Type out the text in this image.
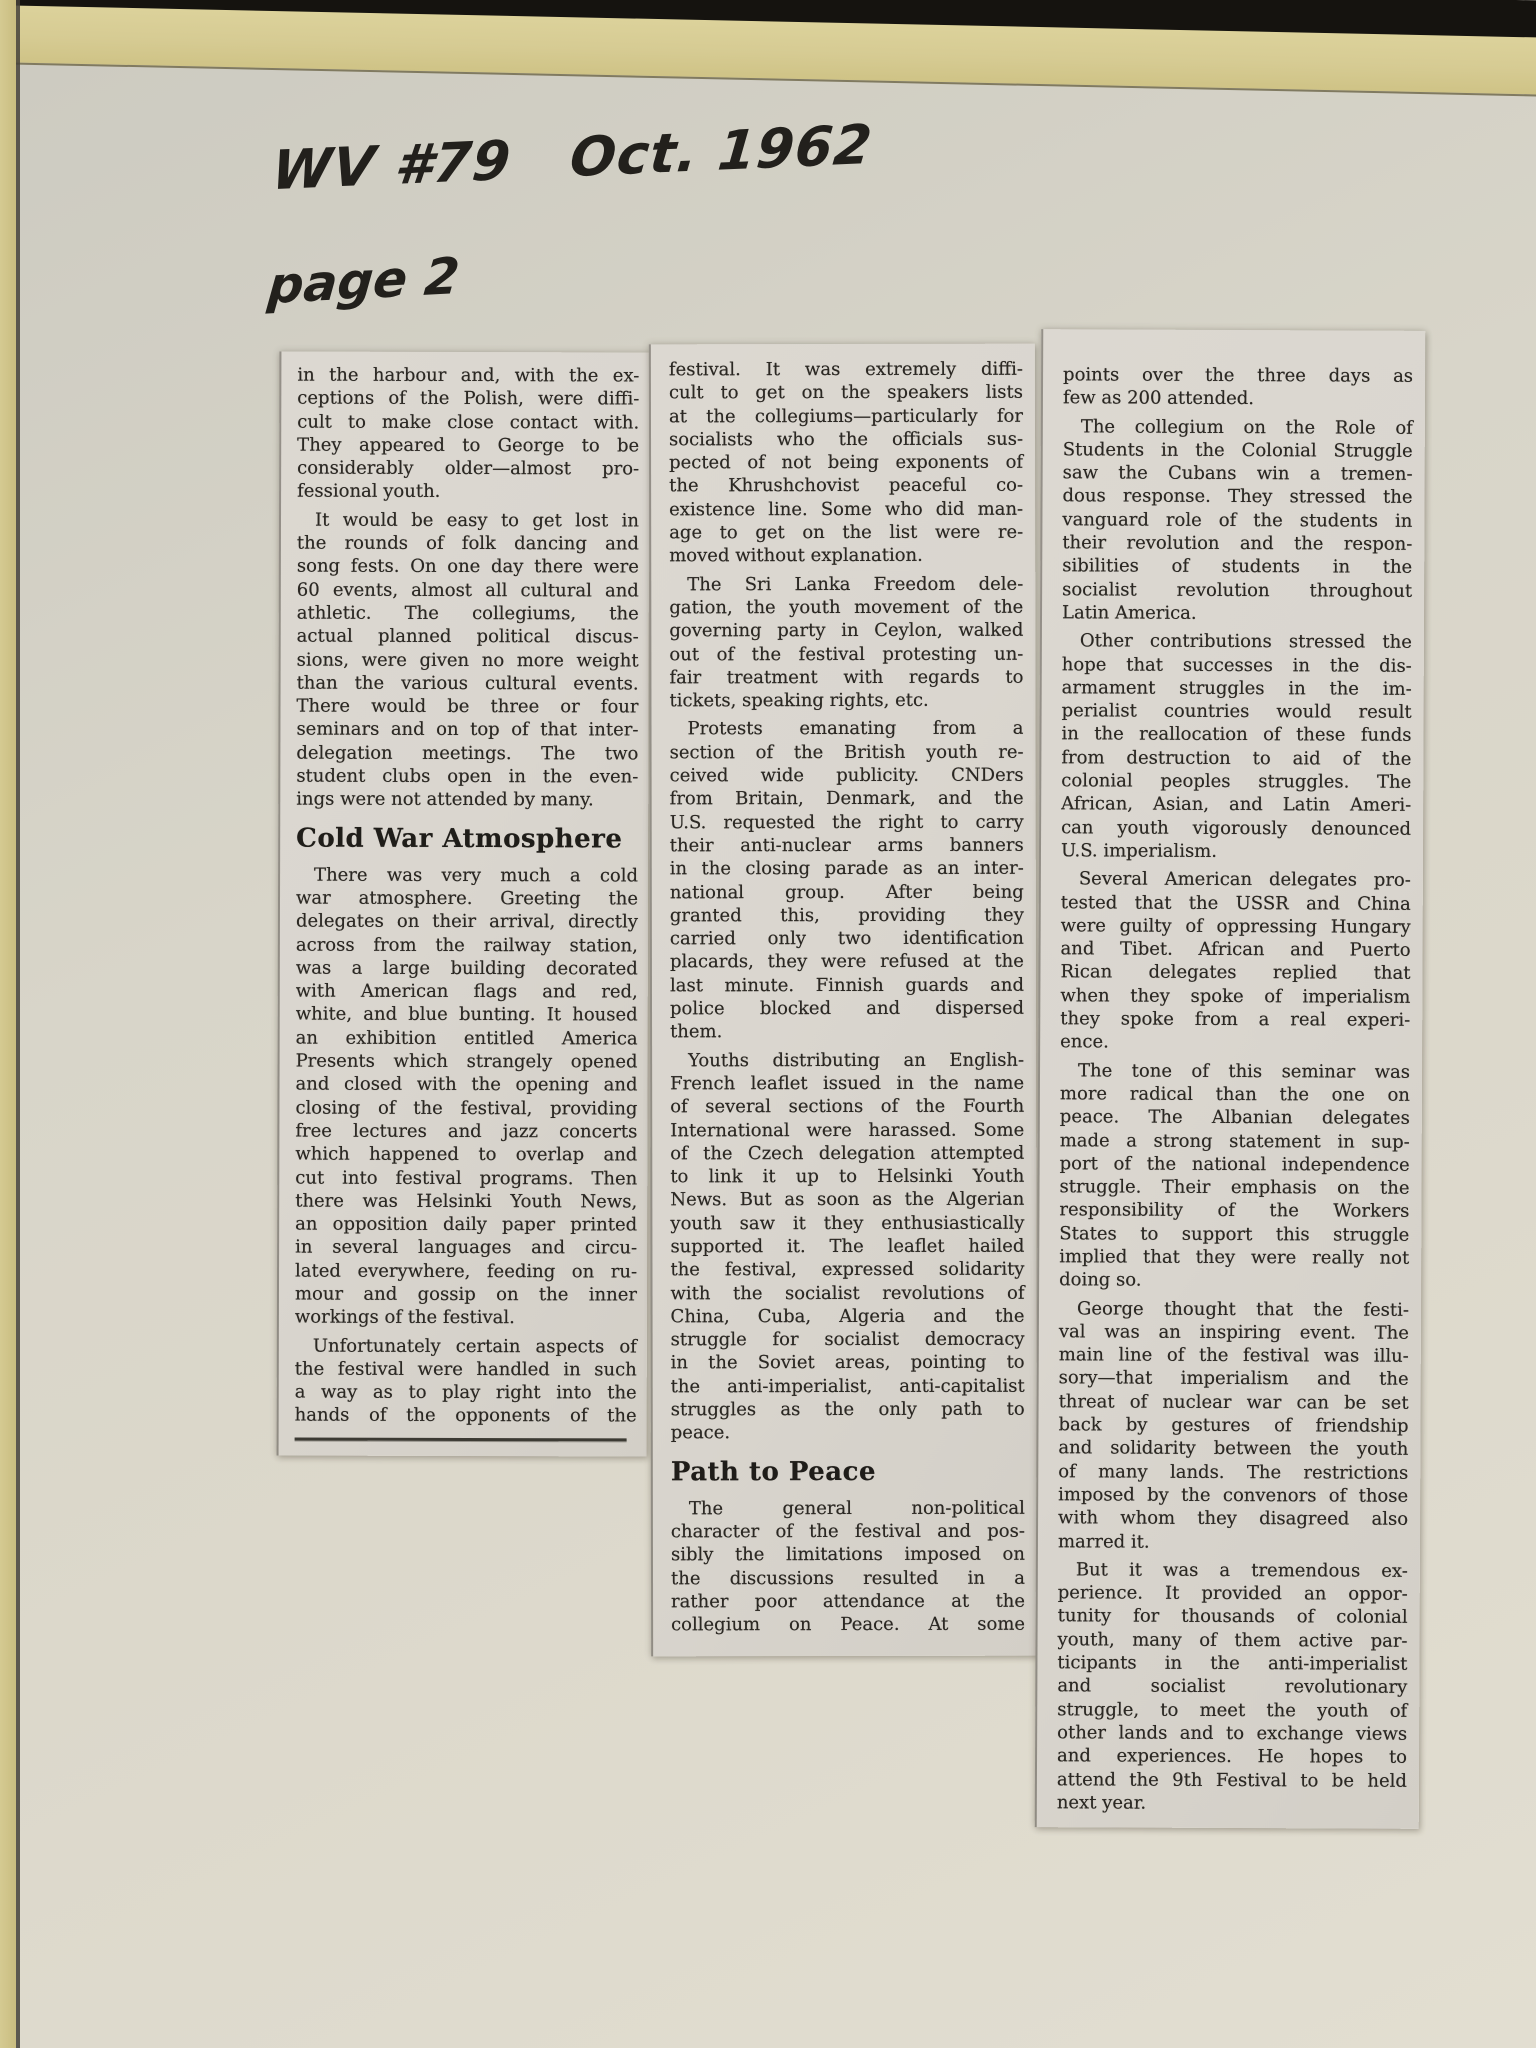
WV #79   Oct. 1962
page 2
in the harbour and, with the ex-
ceptions of the Polish, were diffi-
cult to make close contact with.
They appeared to George to be
considerably older—almost pro-
fessional youth.
It would be easy to get lost in
the rounds of folk dancing and
song fests. On one day there were
60 events, almost all cultural and
athletic. The collegiums, the
actual planned political discus-
sions, were given no more weight
than the various cultural events.
There would be three or four
seminars and on top of that inter-
delegation meetings. The two
student clubs open in the even-
ings were not attended by many.
Cold War Atmosphere
There was very much a cold
war atmosphere. Greeting the
delegates on their arrival, directly
across from the railway station,
was a large building decorated
with American flags and red,
white, and blue bunting. It housed
an exhibition entitled America
Presents which strangely opened
and closed with the opening and
closing of the festival, providing
free lectures and jazz concerts
which happened to overlap and
cut into festival programs. Then
there was Helsinki Youth News,
an opposition daily paper printed
in several languages and circu-
lated everywhere, feeding on ru-
mour and gossip on the inner
workings of the festival.
Unfortunately certain aspects of
the festival were handled in such
a way as to play right into the
hands of the opponents of the
festival. It was extremely diffi-
cult to get on the speakers lists
at the collegiums—particularly for
socialists who the officials sus-
pected of not being exponents of
the Khrushchovist peaceful co-
existence line. Some who did man-
age to get on the list were re-
moved without explanation.
The Sri Lanka Freedom dele-
gation, the youth movement of the
governing party in Ceylon, walked
out of the festival protesting un-
fair treatment with regards to
tickets, speaking rights, etc.
Protests emanating from a
section of the British youth re-
ceived wide publicity. CNDers
from Britain, Denmark, and the
U.S. requested the right to carry
their anti-nuclear arms banners
in the closing parade as an inter-
national group. After being
granted this, providing they
carried only two identification
placards, they were refused at the
last minute. Finnish guards and
police blocked and dispersed
them.
Youths distributing an English-
French leaflet issued in the name
of several sections of the Fourth
International were harassed. Some
of the Czech delegation attempted
to link it up to Helsinki Youth
News. But as soon as the Algerian
youth saw it they enthusiastically
supported it. The leaflet hailed
the festival, expressed solidarity
with the socialist revolutions of
China, Cuba, Algeria and the
struggle for socialist democracy
in the Soviet areas, pointing to
the anti-imperialist, anti-capitalist
struggles as the only path to
peace.
Path to Peace
The general non-political
character of the festival and pos-
sibly the limitations imposed on
the discussions resulted in a
rather poor attendance at the
collegium on Peace. At some
points over the three days as
few as 200 attended.
The collegium on the Role of
Students in the Colonial Struggle
saw the Cubans win a tremen-
dous response. They stressed the
vanguard role of the students in
their revolution and the respon-
sibilities of students in the
socialist revolution throughout
Latin America.
Other contributions stressed the
hope that successes in the dis-
armament struggles in the im-
perialist countries would result
in the reallocation of these funds
from destruction to aid of the
colonial peoples struggles. The
African, Asian, and Latin Ameri-
can youth vigorously denounced
U.S. imperialism.
Several American delegates pro-
tested that the USSR and China
were guilty of oppressing Hungary
and Tibet. African and Puerto
Rican delegates replied that
when they spoke of imperialism
they spoke from a real experi-
ence.
The tone of this seminar was
more radical than the one on
peace. The Albanian delegates
made a strong statement in sup-
port of the national independence
struggle. Their emphasis on the
responsibility of the Workers
States to support this struggle
implied that they were really not
doing so.
George thought that the festi-
val was an inspiring event. The
main line of the festival was illu-
sory—that imperialism and the
threat of nuclear war can be set
back by gestures of friendship
and solidarity between the youth
of many lands. The restrictions
imposed by the convenors of those
with whom they disagreed also
marred it.
But it was a tremendous ex-
perience. It provided an oppor-
tunity for thousands of colonial
youth, many of them active par-
ticipants in the anti-imperialist
and socialist revolutionary
struggle, to meet the youth of
other lands and to exchange views
and experiences. He hopes to
attend the 9th Festival to be held
next year.
